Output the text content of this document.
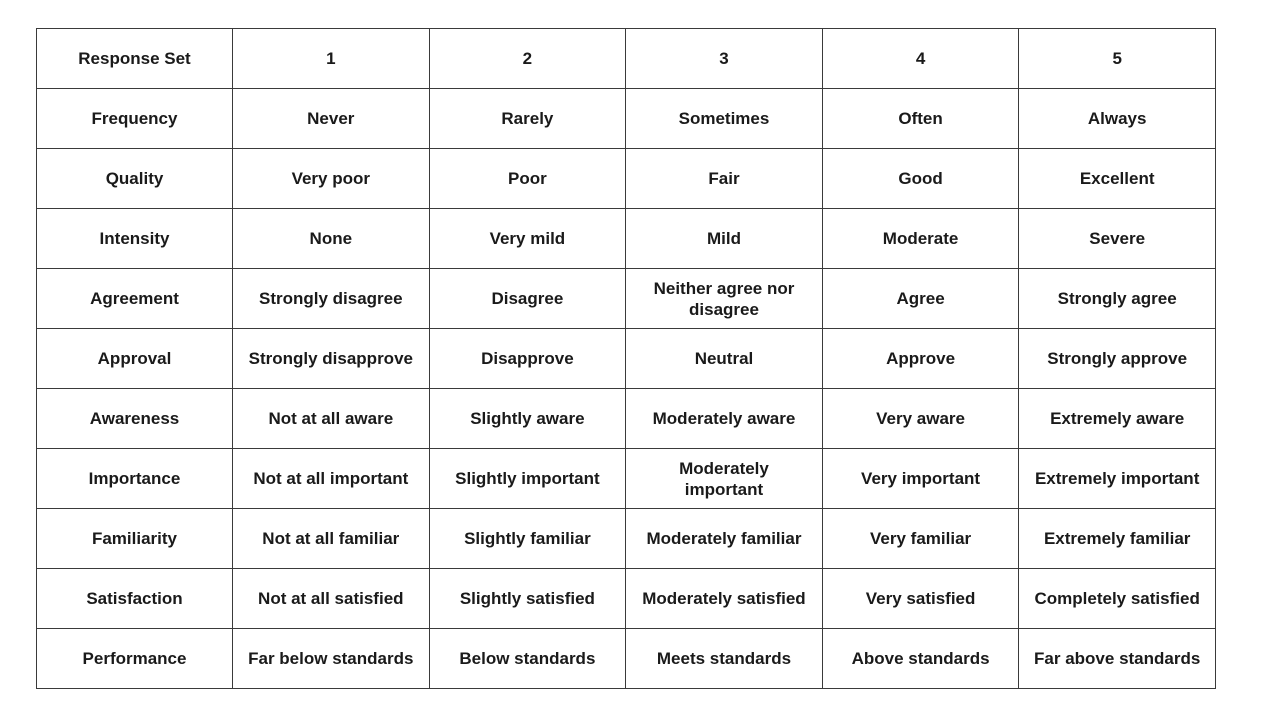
Response Set	1	2	3	4	5
Frequency	Never	Rarely	Sometimes	Often	Always
Quality	Very poor	Poor	Fair	Good	Excellent
Intensity	None	Very mild	Mild	Moderate	Severe
Agreement	Strongly disagree	Disagree	Neither agree nor disagree	Agree	Strongly agree
Approval	Strongly disapprove	Disapprove	Neutral	Approve	Strongly approve
Awareness	Not at all aware	Slightly aware	Moderately aware	Very aware	Extremely aware
Importance	Not at all important	Slightly important	Moderately important	Very important	Extremely important
Familiarity	Not at all familiar	Slightly familiar	Moderately familiar	Very familiar	Extremely familiar
Satisfaction	Not at all satisfied	Slightly satisfied	Moderately satisfied	Very satisfied	Completely satisfied
Performance	Far below standards	Below standards	Meets standards	Above standards	Far above standards
